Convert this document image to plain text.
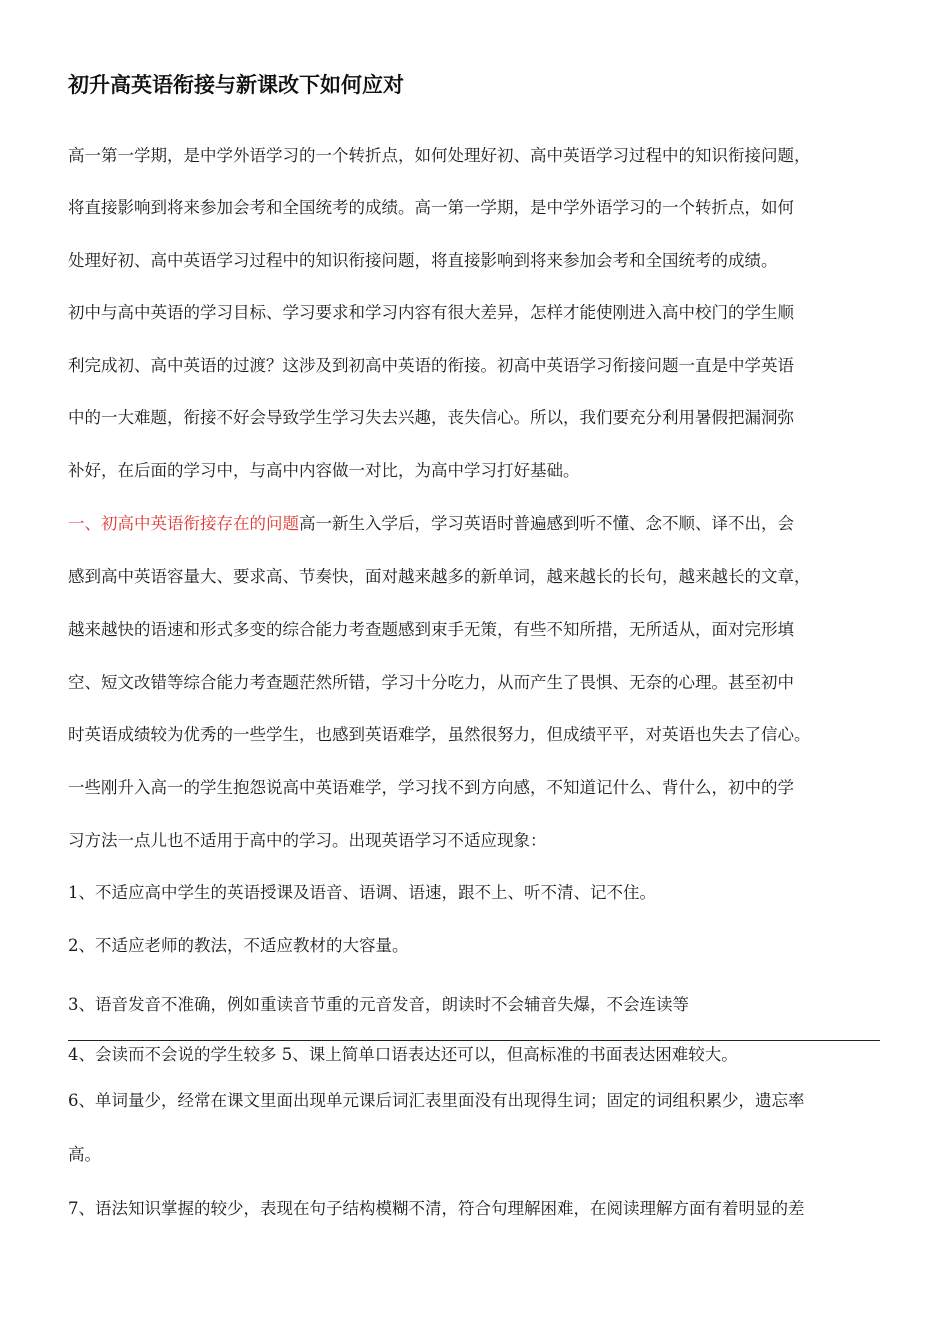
初升高英语衔接与新课改下如何应对
高一第一学期，是中学外语学习的一个转折点，如何处理好初、高中英语学习过程中的知识衔接问题，
将直接影响到将来参加会考和全国统考的成绩。高一第一学期，是中学外语学习的一个转折点，如何
处理好初、高中英语学习过程中的知识衔接问题，将直接影响到将来参加会考和全国统考的成绩。
初中与高中英语的学习目标、学习要求和学习内容有很大差异，怎样才能使刚进入高中校门的学生顺
利完成初、高中英语的过渡？这涉及到初高中英语的衔接。初高中英语学习衔接问题一直是中学英语
中的一大难题，衔接不好会导致学生学习失去兴趣，丧失信心。所以，我们要充分利用暑假把漏洞弥
补好，在后面的学习中，与高中内容做一对比，为高中学习打好基础。
一、初高中英语衔接存在的问题高一新生入学后，学习英语时普遍感到听不懂、念不顺、译不出，会
感到高中英语容量大、要求高、节奏快，面对越来越多的新单词，越来越长的长句，越来越长的文章，
越来越快的语速和形式多变的综合能力考查题感到束手无策，有些不知所措，无所适从，面对完形填
空、短文改错等综合能力考查题茫然所错，学习十分吃力，从而产生了畏惧、无奈的心理。甚至初中
时英语成绩较为优秀的一些学生，也感到英语难学，虽然很努力，但成绩平平，对英语也失去了信心。
一些刚升入高一的学生抱怨说高中英语难学，学习找不到方向感，不知道记什么、背什么，初中的学
习方法一点儿也不适用于高中的学习。出现英语学习不适应现象：
1、不适应高中学生的英语授课及语音、语调、语速，跟不上、听不清、记不住。
2、不适应老师的教法，不适应教材的大容量。
3、语音发音不准确，例如重读音节重的元音发音，朗读时不会辅音失爆，不会连读等
4、会读而不会说的学生较多 5、课上简单口语表达还可以，但高标准的书面表达困难较大。
6、单词量少，经常在课文里面出现单元课后词汇表里面没有出现得生词；固定的词组积累少，遗忘率
高。
7、语法知识掌握的较少，表现在句子结构模糊不清，符合句理解困难，在阅读理解方面有着明显的差
